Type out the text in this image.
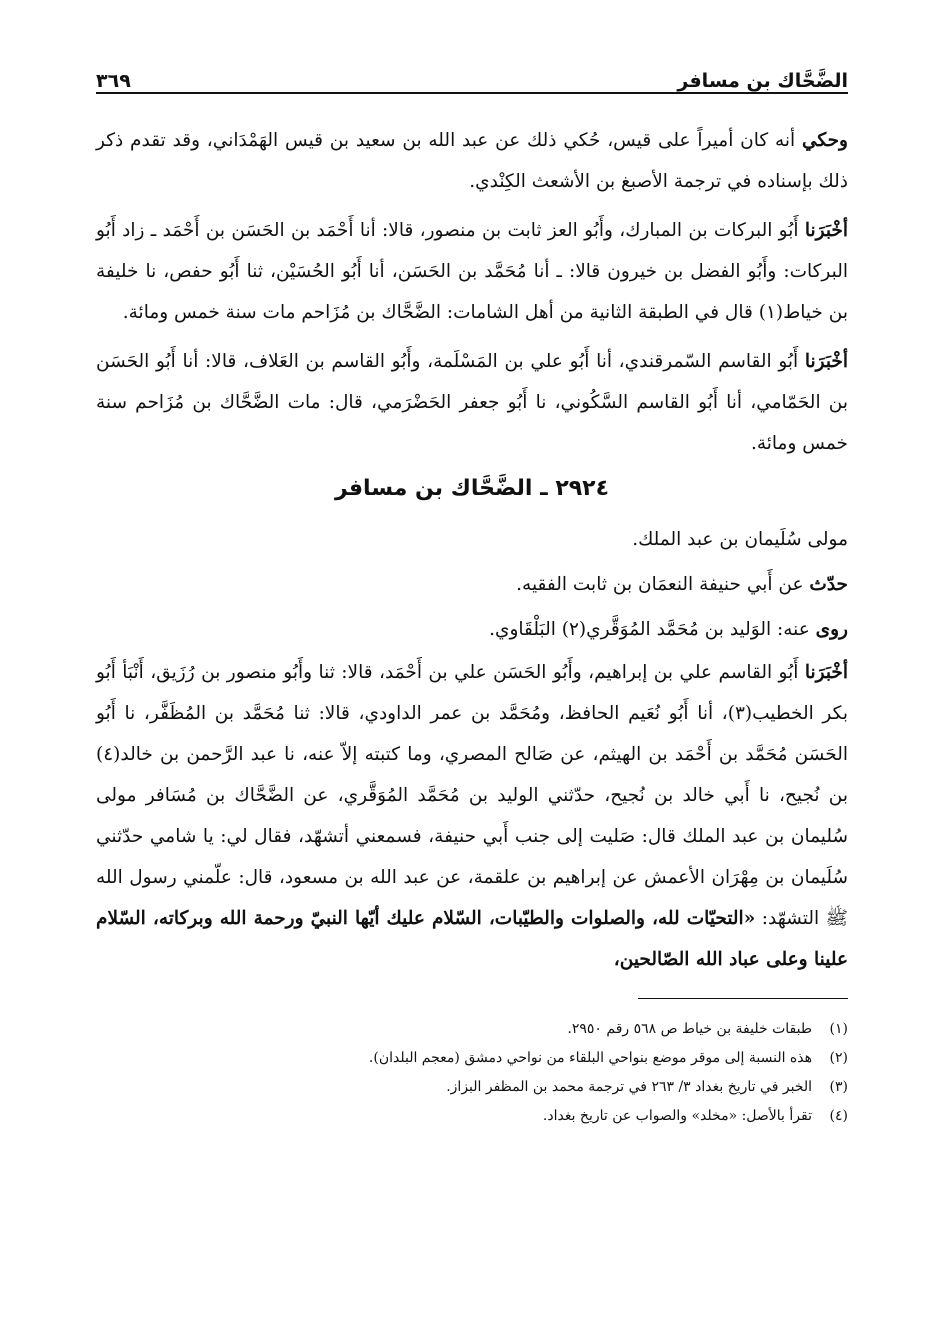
الضَّحَّاك بن مسافر
٣٦٩

وحكي أنه كان أميراً على قيس، حُكي ذلك عن عبد الله بن سعيد بن قيس الهَمْدَاني، وقد تقدم ذكر ذلك بإسناده في ترجمة الأصبغ بن الأشعث الكِنْدي.

أخْبَرَنا أَبُو البركات بن المبارك، وأَبُو العز ثابت بن منصور، قالا: أنا أَحْمَد بن الحَسَن بن أَحْمَد ـ زاد أَبُو البركات: وأَبُو الفضل بن خيرون قالا: ـ أنا مُحَمَّد بن الحَسَن، أنا أَبُو الحُسَيْن، ثنا أَبُو حفص، نا خليفة بن خياط(١) قال في الطبقة الثانية من أهل الشامات: الضَّحَّاك بن مُزَاحم مات سنة خمس ومائة.

أخْبَرَنا أَبُو القاسم السّمرقندي، أنا أَبُو علي بن المَسْلَمة، وأَبُو القاسم بن العَلاف، قالا: أنا أَبُو الحَسَن بن الحَمّامي، أنا أَبُو القاسم السَّكُوني، نا أَبُو جعفر الحَضْرَمي، قال: مات الضَّحَّاك بن مُزَاحم سنة خمس ومائة.

٢٩٢٤ ـ الضَّحَّاك بن مسافر

مولى سُلَيمان بن عبد الملك.

حدّث عن أَبي حنيفة النعمَان بن ثابت الفقيه.

روى عنه: الوَليد بن مُحَمَّد المُوَقَّري(٢) البَلْقَاوي.

أخْبَرَنا أَبُو القاسم علي بن إبراهيم، وأَبُو الحَسَن علي بن أَحْمَد، قالا: ثنا وأَبُو منصور بن رُزَيق، أَنْبَأ أَبُو بكر الخطيب(٣)، أنا أَبُو نُعَيم الحافظ، ومُحَمَّد بن عمر الداودي، قالا: ثنا مُحَمَّد بن المُظَفَّر، نا أَبُو الحَسَن مُحَمَّد بن أَحْمَد بن الهيثم، عن صَالح المصري، وما كتبته إلاّ عنه، نا عبد الرَّحمن بن خالد(٤) بن نُجيح، نا أَبي خالد بن نُجيح، حدّثني الوليد بن مُحَمَّد المُوَقَّري، عن الضَّحَّاك بن مُسَافر مولى سُليمان بن عبد الملك قال: صَليت إلى جنب أَبي حنيفة، فسمعني أتشهّد، فقال لي: يا شامي حدّثني سُلَيمان بن مِهْرَان الأعمش عن إبراهيم بن علقمة، عن عبد الله بن مسعود، قال: علّمني رسول الله ﷺ التشهّد: «التحيّات لله، والصلوات والطيّبات، السّلام عليك أيّها النبيّ ورحمة الله وبركاته، السّلام علينا وعلى عباد الله الصّالحين،

(١)
طبقات خليفة بن خياط ص ٥٦٨ رقم ٢٩٥٠.
(٢)
هذه النسبة إلى موقر موضع بنواحي البلقاء من نواحي دمشق (معجم البلدان).
(٣)
الخبر في تاريخ بغداد ٣/ ٢٦٣ في ترجمة محمد بن المظفر البزاز.
(٤)
تقرأ بالأصل: «مخلد» والصواب عن تاريخ بغداد.
